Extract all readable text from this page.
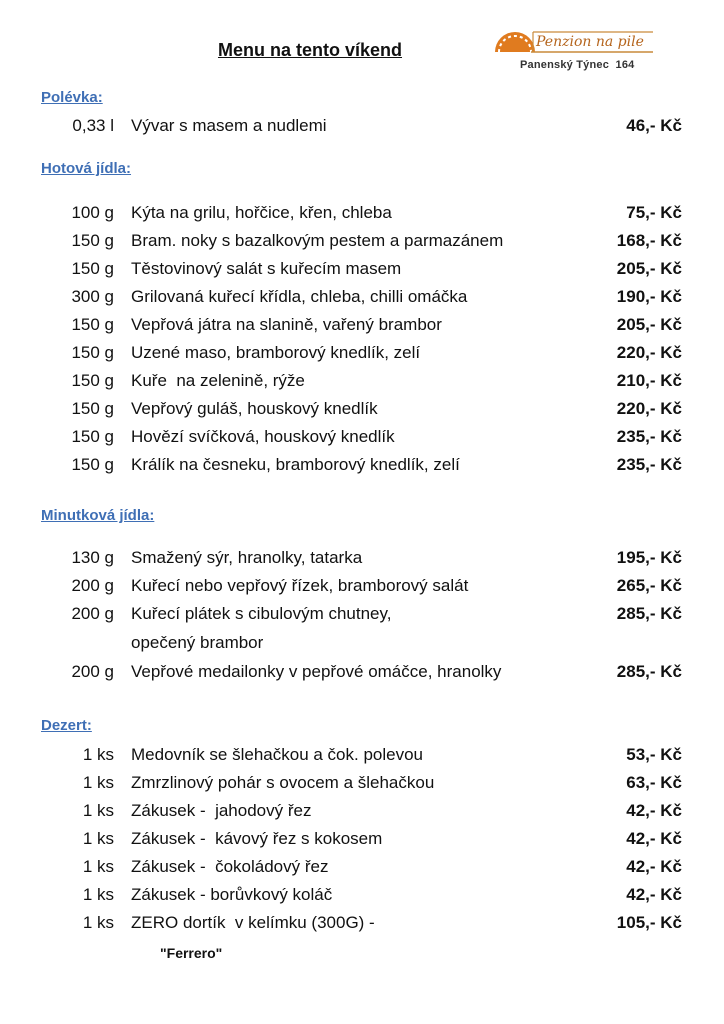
Menu na tento víkend	Penzion na pile
Panenský Týnec  164
Polévka:
0,33 l Vývar s masem a nudlemi	46,- Kč
Hotová jídla:
100 g Kýta na grilu, hořčice, křen, chleba	75,- Kč
150 g Bram. noky s bazalkovým pestem a parmazánem	168,- Kč
150 g Těstovinový salát s kuřecím masem	205,- Kč
300 g Grilovaná kuřecí křídla, chleba, chilli omáčka	190,- Kč
150 g Vepřová játra na slanině, vařený brambor	205,- Kč
150 g Uzené maso, bramborový knedlík, zelí	220,- Kč
150 g Kuře  na zelenině, rýže	210,- Kč
150 g Vepřový guláš, houskový knedlík	220,- Kč
150 g Hovězí svíčková, houskový knedlík	235,- Kč
150 g Králík na česneku, bramborový knedlík, zelí	235,- Kč
Minutková jídla:
130 g Smažený sýr, hranolky, tatarka	195,- Kč
200 g Kuřecí nebo vepřový řízek, bramborový salát	265,- Kč
200 g Kuřecí plátek s cibulovým chutney,	285,- Kč
opečený brambor
200 g Vepřové medailonky v pepřové omáčce, hranolky	285,- Kč
Dezert:
1 ks Medovník se šlehačkou a čok. polevou	53,- Kč
1 ks Zmrzlinový pohár s ovocem a šlehačkou	63,- Kč
1 ks Zákusek -  jahodový řez	42,- Kč
1 ks Zákusek -  kávový řez s kokosem	42,- Kč
1 ks Zákusek -  čokoládový řez	42,- Kč
1 ks Zákusek - borůvkový koláč	42,- Kč
1 ks ZERO dortík  v kelímku (300G) -	105,- Kč
"Ferrero"
